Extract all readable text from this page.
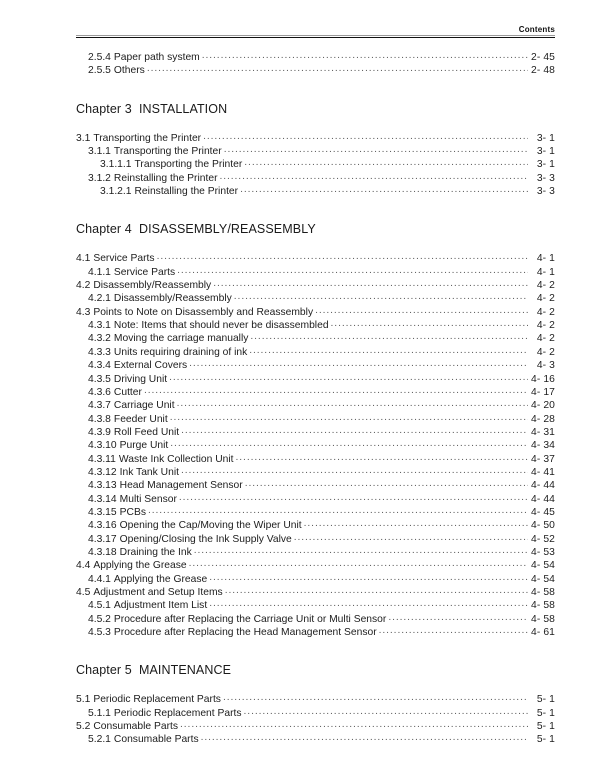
Contents
2.5.4 Paper path system .....	2- 45
2.5.5 Others .....	2- 48
Chapter 3 INSTALLATION
3.1 Transporting the Printer .....	3- 1
3.1.1 Transporting the Printer .....	3- 1
3.1.1.1 Transporting the Printer .....	3- 1
3.1.2 Reinstalling the Printer .....	3- 3
3.1.2.1 Reinstalling the Printer .....	3- 3
Chapter 4 DISASSEMBLY/REASSEMBLY
4.1 Service Parts .....	4- 1
4.1.1 Service Parts .....	4- 1
4.2 Disassembly/Reassembly .....	4- 2
4.2.1 Disassembly/Reassembly .....	4- 2
4.3 Points to Note on Disassembly and Reassembly .....	4- 2
4.3.1 Note: Items that should never be disassembled .....	4- 2
4.3.2 Moving the carriage manually .....	4- 2
4.3.3 Units requiring draining of ink .....	4- 2
4.3.4 External Covers .....	4- 3
4.3.5 Driving Unit .....	4- 16
4.3.6 Cutter .....	4- 17
4.3.7 Carriage Unit .....	4- 20
4.3.8 Feeder Unit .....	4- 28
4.3.9 Roll Feed Unit .....	4- 31
4.3.10 Purge Unit .....	4- 34
4.3.11 Waste Ink Collection Unit .....	4- 37
4.3.12 Ink Tank Unit .....	4- 41
4.3.13 Head Management Sensor .....	4- 44
4.3.14 Multi Sensor .....	4- 44
4.3.15 PCBs .....	4- 45
4.3.16 Opening the Cap/Moving the Wiper Unit .....	4- 50
4.3.17 Opening/Closing the Ink Supply Valve .....	4- 52
4.3.18 Draining the Ink .....	4- 53
4.4 Applying the Grease .....	4- 54
4.4.1 Applying the Grease .....	4- 54
4.5 Adjustment and Setup Items .....	4- 58
4.5.1 Adjustment Item List .....	4- 58
4.5.2 Procedure after Replacing the Carriage Unit or Multi Sensor .....	4- 58
4.5.3 Procedure after Replacing the Head Management Sensor .....	4- 61
Chapter 5 MAINTENANCE
5.1 Periodic Replacement Parts .....	5- 1
5.1.1 Periodic Replacement Parts .....	5- 1
5.2 Consumable Parts .....	5- 1
5.2.1 Consumable Parts .....	5- 1
